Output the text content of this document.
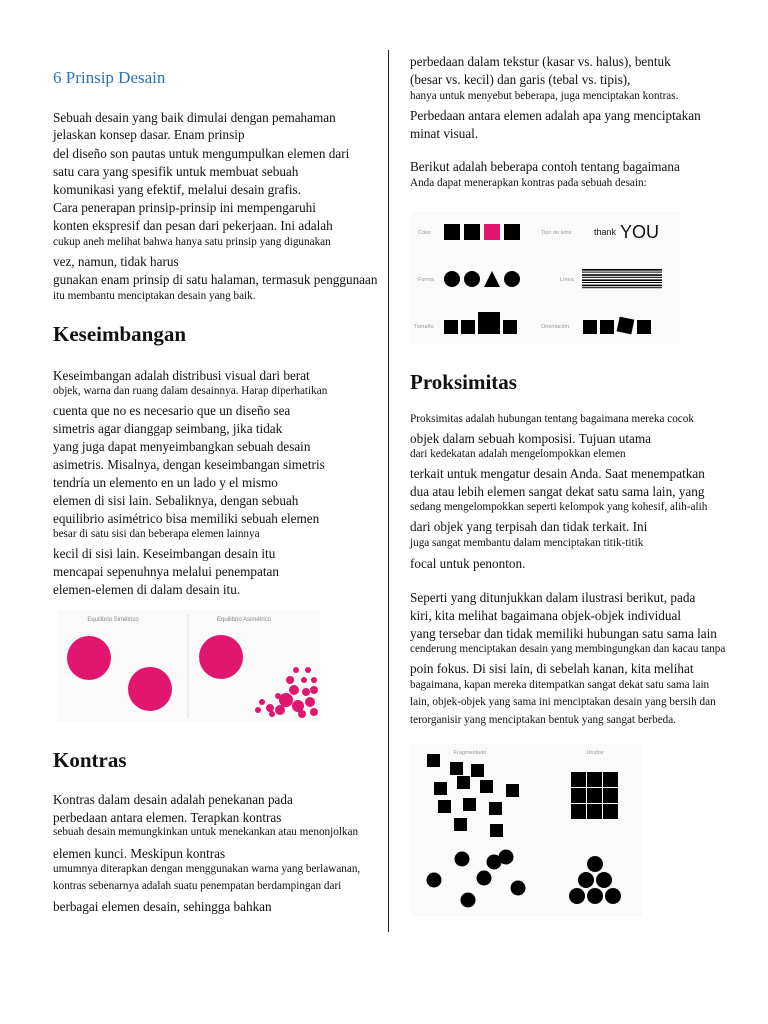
6 Prinsip Desain
Sebuah desain yang baik dimulai dengan pemahaman
jelaskan konsep dasar. Enam prinsip
del diseño son pautas untuk mengumpulkan elemen dari
satu cara yang spesifik untuk membuat sebuah
komunikasi yang efektif, melalui desain grafis.
Cara penerapan prinsip-prinsip ini mempengaruhi
konten ekspresif dan pesan dari pekerjaan. Ini adalah
cukup aneh melihat bahwa hanya satu prinsip yang digunakan
vez, namun, tidak harus
gunakan enam prinsip di satu halaman, termasuk penggunaan
itu membantu menciptakan desain yang baik.
Keseimbangan
Keseimbangan adalah distribusi visual dari berat
objek, warna dan ruang dalam desainnya. Harap diperhatikan
cuenta que no es necesario que un diseño sea
simetris agar dianggap seimbang, jika tidak
yang juga dapat menyeimbangkan sebuah desain
asimetris. Misalnya, dengan keseimbangan simetris
tendría un elemento en un lado y el mismo
elemen di sisi lain. Sebaliknya, dengan sebuah
equilibrio asimétrico bisa memiliki sebuah elemen
besar di satu sisi dan beberapa elemen lainnya
kecil di sisi lain. Keseimbangan desain itu
mencapai sepenuhnya melalui penempatan
elemen-elemen di dalam desain itu.
Equilibrio Simétrico	Equilibrio Asimétrico
Kontras
Kontras dalam desain adalah penekanan pada
perbedaan antara elemen. Terapkan kontras
sebuah desain memungkinkan untuk menekankan atau menonjolkan
elemen kunci. Meskipun kontras
umumnya diterapkan dengan menggunakan warna yang berlawanan,
kontras sebenarnya adalah suatu penempatan berdampingan dari
berbagai elemen desain, sehingga bahkan
perbedaan dalam tekstur (kasar vs. halus), bentuk
(besar vs. kecil) dan garis (tebal vs. tipis),
hanya untuk menyebut beberapa, juga menciptakan kontras.
Perbedaan antara elemen adalah apa yang menciptakan
minat visual.
Berikut adalah beberapa contoh tentang bagaimana
Anda dapat menerapkan kontras pada sebuah desain:
Color	Tipo de letra
Forma	Línea
Tamaño	Orientación
thank YOU
Proksimitas
Proksimitas adalah hubungan tentang bagaimana mereka cocok
objek dalam sebuah komposisi. Tujuan utama
dari kedekatan adalah mengelompokkan elemen
terkait untuk mengatur desain Anda. Saat menempatkan
dua atau lebih elemen sangat dekat satu sama lain, yang
sedang mengelompokkan seperti kelompok yang kohesif, alih-alih
dari objek yang terpisah dan tidak terkait. Ini
juga sangat membantu dalam menciptakan titik-titik
focal untuk penonton.
Seperti yang ditunjukkan dalam ilustrasi berikut, pada
kiri, kita melihat bagaimana objek-objek individual
yang tersebar dan tidak memiliki hubungan satu sama lain
cenderung menciptakan desain yang membingungkan dan kacau tanpa
poin fokus. Di sisi lain, di sebelah kanan, kita melihat
bagaimana, kapan mereka ditempatkan sangat dekat satu sama lain
lain, objek-objek yang sama ini menciptakan desain yang bersih dan
terorganisir yang menciptakan bentuk yang sangat berbeda.
Fragmentado	Unidos
